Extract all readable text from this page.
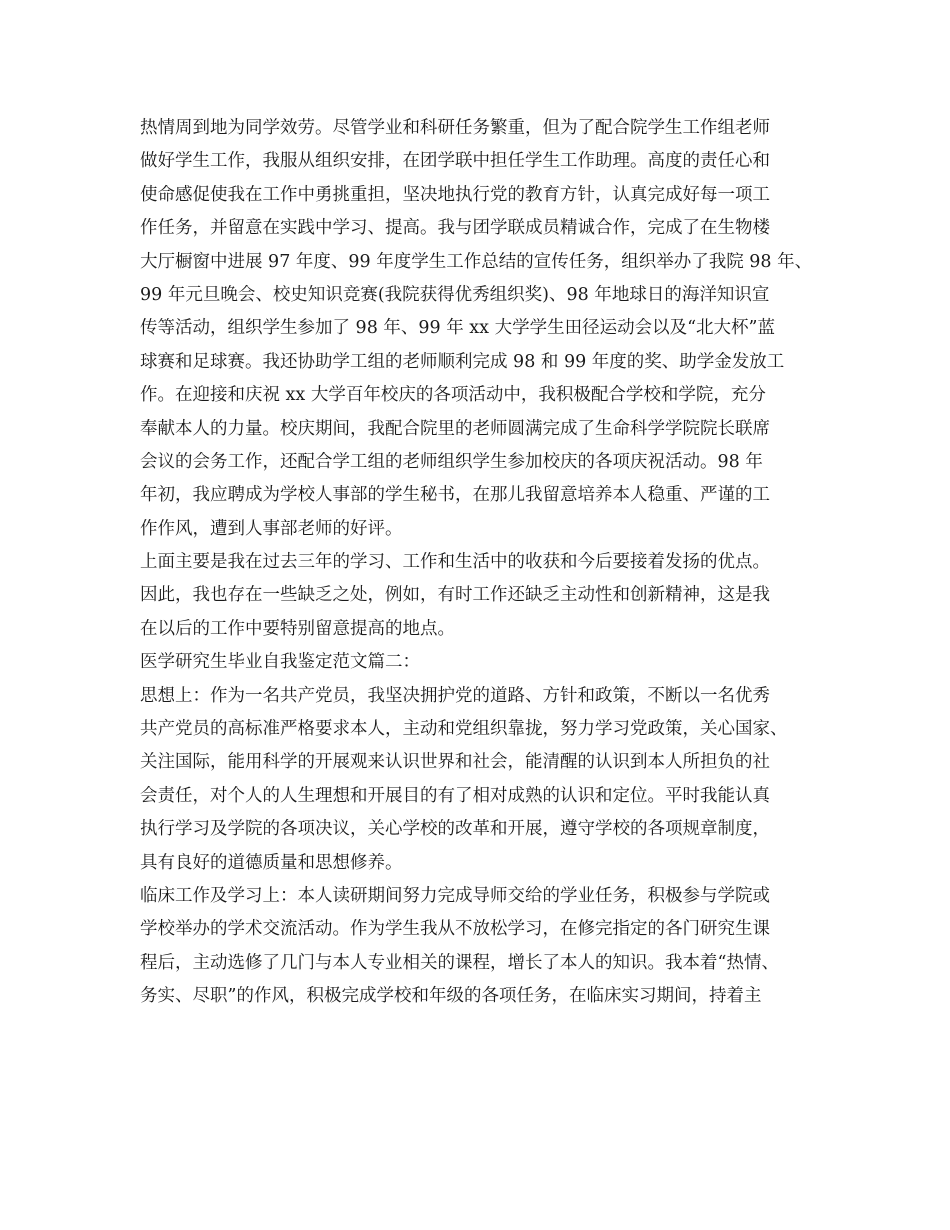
热情周到地为同学效劳。尽管学业和科研任务繁重，但为了配合院学生工作组老师
做好学生工作，我服从组织安排，在团学联中担任学生工作助理。高度的责任心和
使命感促使我在工作中勇挑重担，坚决地执行党的教育方针，认真完成好每一项工
作任务，并留意在实践中学习、提高。我与团学联成员精诚合作，完成了在生物楼
大厅橱窗中进展 97 年度、99 年度学生工作总结的宣传任务，组织举办了我院 98 年、
99 年元旦晚会、校史知识竞赛(我院获得优秀组织奖)、98 年地球日的海洋知识宣
传等活动，组织学生参加了 98 年、99 年 xx 大学学生田径运动会以及“北大杯”蓝
球赛和足球赛。我还协助学工组的老师顺利完成 98 和 99 年度的奖、助学金发放工
作。在迎接和庆祝 xx 大学百年校庆的各项活动中，我积极配合学校和学院，充分
奉献本人的力量。校庆期间，我配合院里的老师圆满完成了生命科学学院院长联席
会议的会务工作，还配合学工组的老师组织学生参加校庆的各项庆祝活动。98 年
年初，我应聘成为学校人事部的学生秘书，在那儿我留意培养本人稳重、严谨的工
作作风，遭到人事部老师的好评。
上面主要是我在过去三年的学习、工作和生活中的收获和今后要接着发扬的优点。
因此，我也存在一些缺乏之处，例如，有时工作还缺乏主动性和创新精神，这是我
在以后的工作中要特别留意提高的地点。
医学研究生毕业自我鉴定范文篇二：
思想上：作为一名共产党员，我坚决拥护党的道路、方针和政策，不断以一名优秀
共产党员的高标准严格要求本人，主动和党组织靠拢，努力学习党政策，关心国家、
关注国际，能用科学的开展观来认识世界和社会，能清醒的认识到本人所担负的社
会责任，对个人的人生理想和开展目的有了相对成熟的认识和定位。平时我能认真
执行学习及学院的各项决议，关心学校的改革和开展，遵守学校的各项规章制度，
具有良好的道德质量和思想修养。
临床工作及学习上：本人读研期间努力完成导师交给的学业任务，积极参与学院或
学校举办的学术交流活动。作为学生我从不放松学习，在修完指定的各门研究生课
程后，主动选修了几门与本人专业相关的课程，增长了本人的知识。我本着“热情、
务实、尽职”的作风，积极完成学校和年级的各项任务，在临床实习期间，持着主
